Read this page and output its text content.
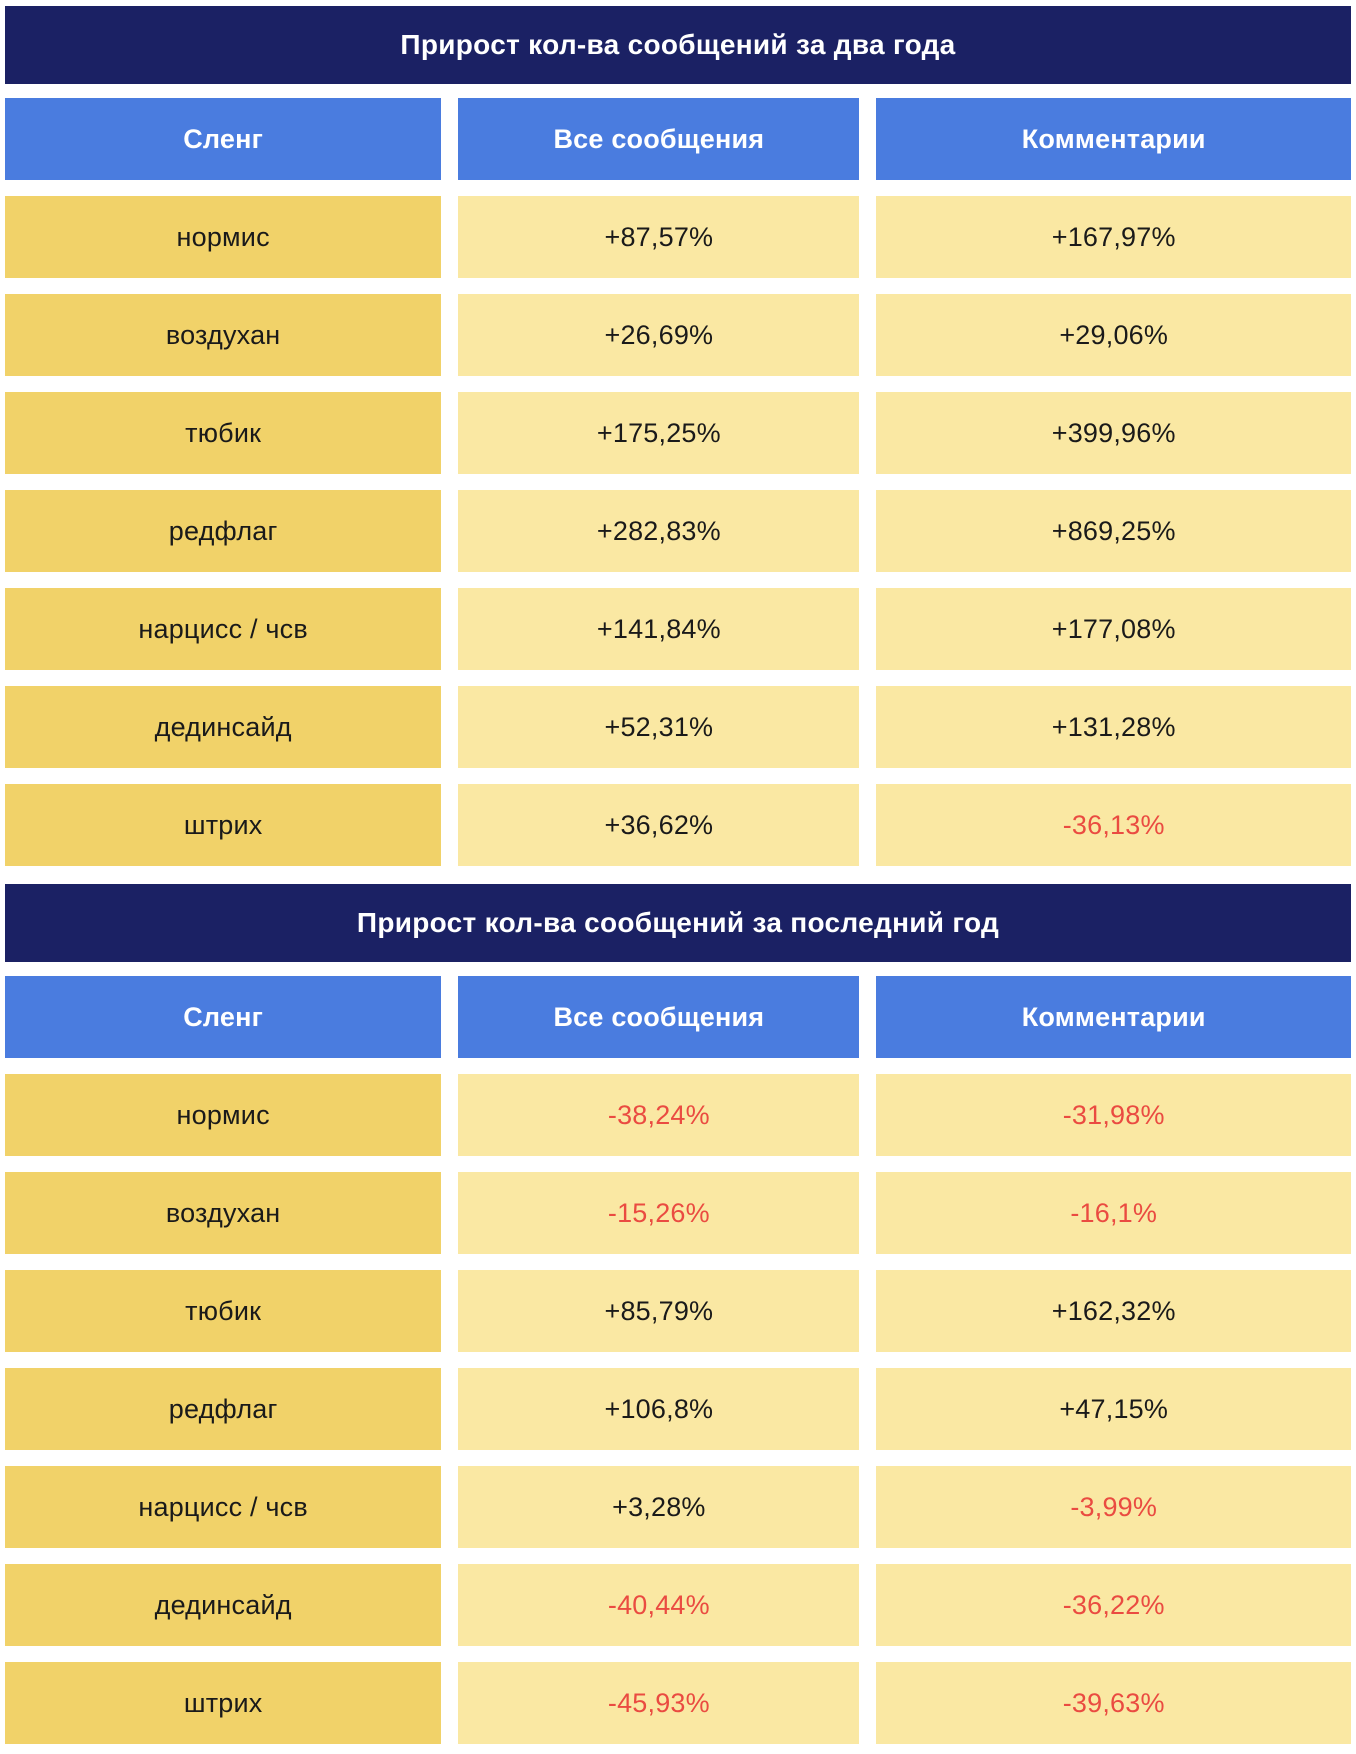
Прирост кол-ва сообщений за два года
Сленг	Все сообщения	Комментарии
нормис	+87,57%	+167,97%
воздухан	+26,69%	+29,06%
тюбик	+175,25%	+399,96%
редфлаг	+282,83%	+869,25%
нарцисс / чсв	+141,84%	+177,08%
дединсайд	+52,31%	+131,28%
штрих	+36,62%	-36,13%
Прирост кол-ва сообщений за последний год
Сленг	Все сообщения	Комментарии
нормис	-38,24%	-31,98%
воздухан	-15,26%	-16,1%
тюбик	+85,79%	+162,32%
редфлаг	+106,8%	+47,15%
нарцисс / чсв	+3,28%	-3,99%
дединсайд	-40,44%	-36,22%
штрих	-45,93%	-39,63%
